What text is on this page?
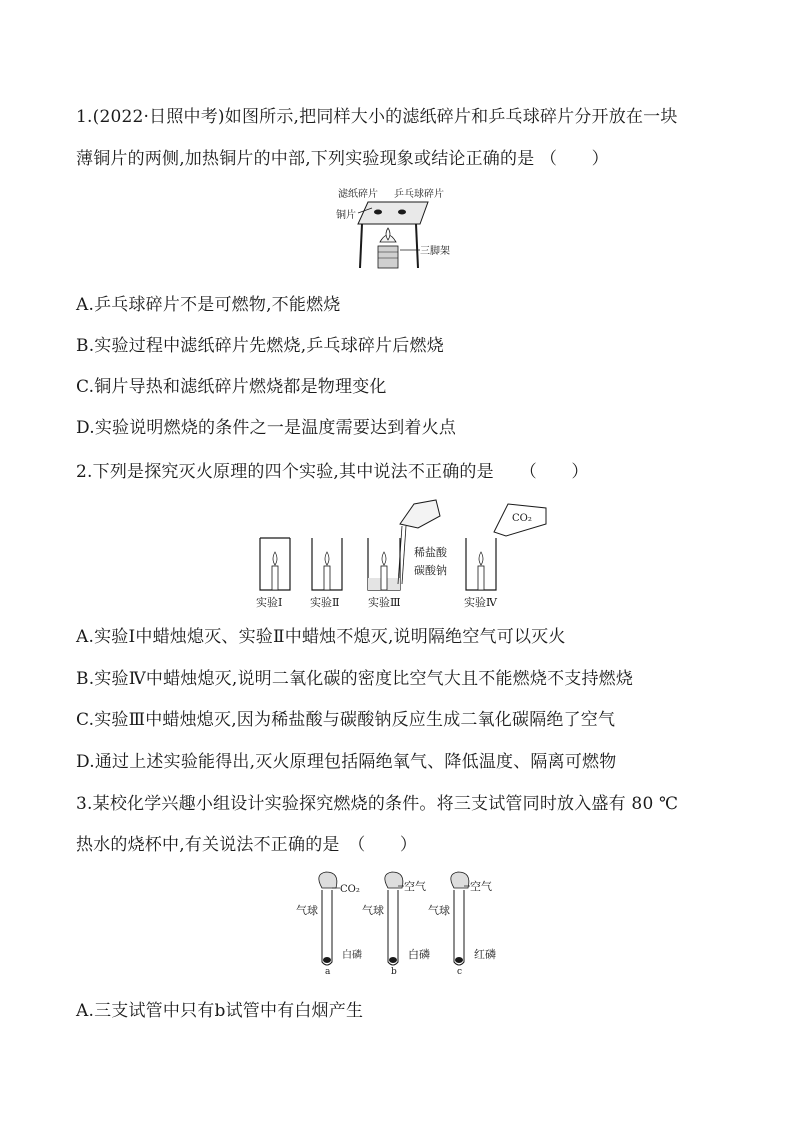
1.(2022·日照中考)如图所示,把同样大小的滤纸碎片和乒乓球碎片分开放在一块
薄铜片的两侧,加热铜片的中部,下列实验现象或结论正确的是 （　　）
滤纸碎片 乒乓球碎片
铜片
三脚架
A.乒乓球碎片不是可燃物,不能燃烧
B.实验过程中滤纸碎片先燃烧,乒乓球碎片后燃烧
C.铜片导热和滤纸碎片燃烧都是物理变化
D.实验说明燃烧的条件之一是温度需要达到着火点
2.下列是探究灭火原理的四个实验,其中说法不正确的是　　（　　）
实验Ⅰ	实验Ⅱ
稀盐酸
碳酸钠
实验Ⅲ
CO₂
实验Ⅳ
A.实验Ⅰ中蜡烛熄灭、实验Ⅱ中蜡烛不熄灭,说明隔绝空气可以灭火
B.实验Ⅳ中蜡烛熄灭,说明二氧化碳的密度比空气大且不能燃烧不支持燃烧
C.实验Ⅲ中蜡烛熄灭,因为稀盐酸与碳酸钠反应生成二氧化碳隔绝了空气
D.通过上述实验能得出,灭火原理包括隔绝氧气、降低温度、隔离可燃物
3.某校化学兴趣小组设计实验探究燃烧的条件。将三支试管同时放入盛有 80 ℃
热水的烧杯中,有关说法不正确的是　（　　）
CO₂
气球
白磷
a
空气
气球
白磷
b
空气
气球
红磷
c
A.三支试管中只有b试管中有白烟产生
